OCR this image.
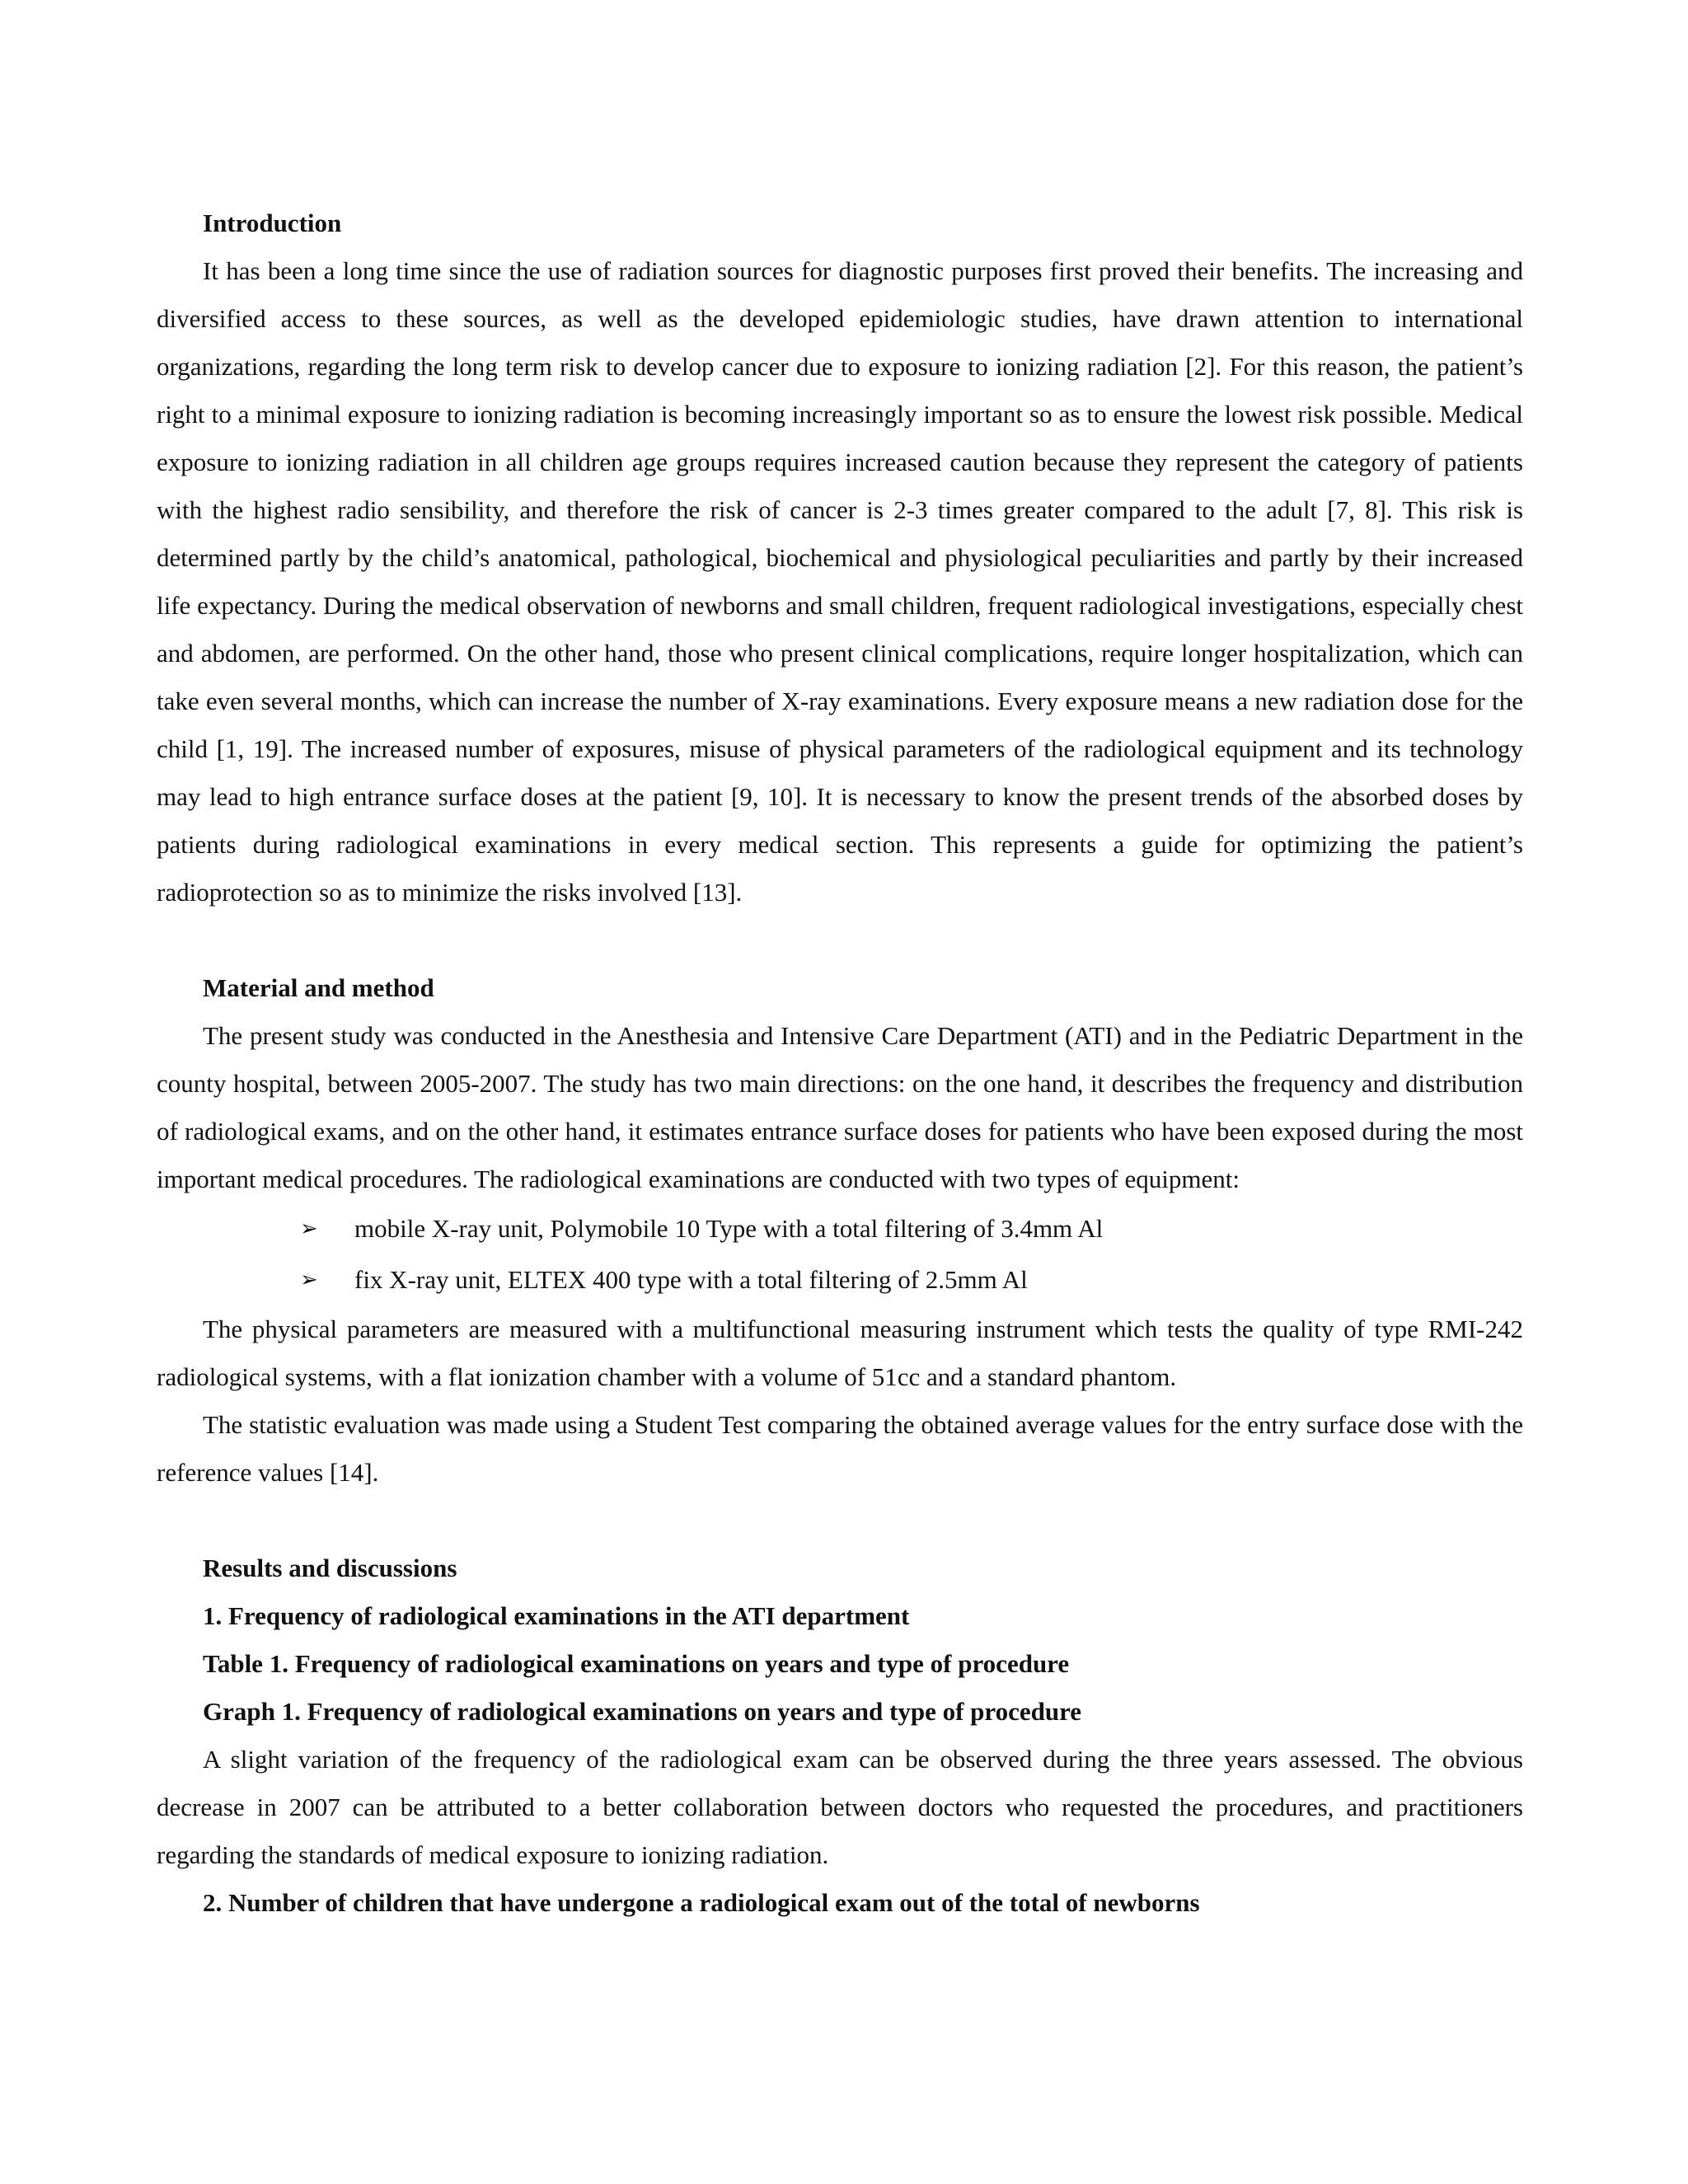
Introduction

It has been a long time since the use of radiation sources for diagnostic purposes first proved their benefits. The increasing and diversified access to these sources, as well as the developed epidemiologic studies, have drawn attention to international organizations, regarding the long term risk to develop cancer due to exposure to ionizing radiation [2]. For this reason, the patient’s right to a minimal exposure to ionizing radiation is becoming increasingly important so as to ensure the lowest risk possible. Medical exposure to ionizing radiation in all children age groups requires increased caution because they represent the category of patients with the highest radio sensibility, and therefore the risk of cancer is 2-3 times greater compared to the adult [7, 8]. This risk is determined partly by the child’s anatomical, pathological, biochemical and physiological peculiarities and partly by their increased life expectancy. During the medical observation of newborns and small children, frequent radiological investigations, especially chest and abdomen, are performed. On the other hand, those who present clinical complications, require longer hospitalization, which can take even several months, which can increase the number of X-ray examinations. Every exposure means a new radiation dose for the child [1, 19]. The increased number of exposures, misuse of physical parameters of the radiological equipment and its technology may lead to high entrance surface doses at the patient [9, 10]. It is necessary to know the present trends of the absorbed doses by patients during radiological examinations in every medical section. This represents a guide for optimizing the patient’s radioprotection so as to minimize the risks involved [13].

Material and method

The present study was conducted in the Anesthesia and Intensive Care Department (ATI) and in the Pediatric Department in the county hospital, between 2005-2007. The study has two main directions: on the one hand, it describes the frequency and distribution of radiological exams, and on the other hand, it estimates entrance surface doses for patients who have been exposed during the most important medical procedures. The radiological examinations are conducted with two types of equipment:

➢ mobile X-ray unit, Polymobile 10 Type with a total filtering of 3.4mm Al
➢ fix X-ray unit, ELTEX 400 type with a total filtering of 2.5mm Al

The physical parameters are measured with a multifunctional measuring instrument which tests the quality of type RMI-242 radiological systems, with a flat ionization chamber with a volume of 51cc and a standard phantom.

The statistic evaluation was made using a Student Test comparing the obtained average values for the entry surface dose with the reference values [14].

Results and discussions
1. Frequency of radiological examinations in the ATI department
Table 1. Frequency of radiological examinations on years and type of procedure
Graph 1. Frequency of radiological examinations on years and type of procedure

A slight variation of the frequency of the radiological exam can be observed during the three years assessed. The obvious decrease in 2007 can be attributed to a better collaboration between doctors who requested the procedures, and practitioners regarding the standards of medical exposure to ionizing radiation.

2. Number of children that have undergone a radiological exam out of the total of newborns
